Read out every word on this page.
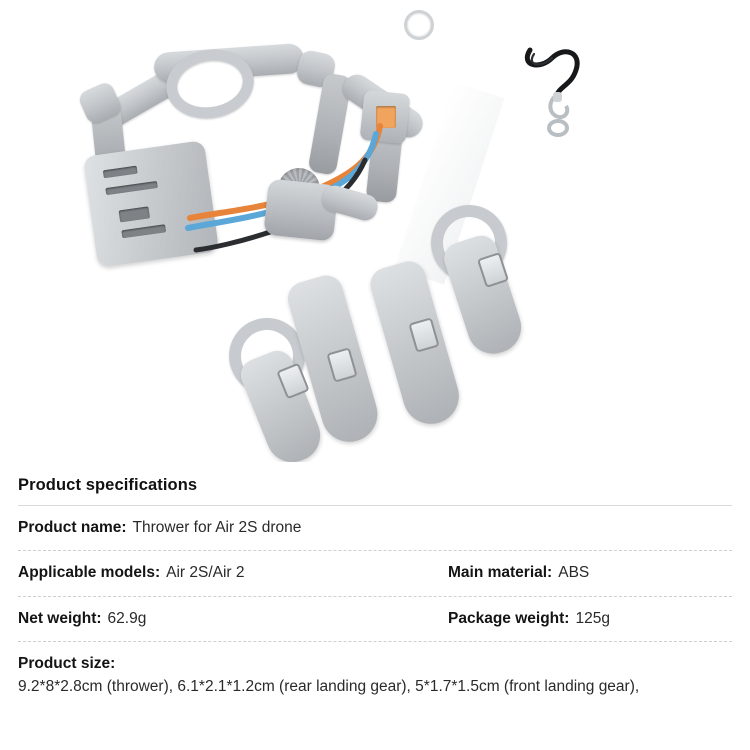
Product specifications
Product name: Thrower for Air 2S drone
Applicable models: Air 2S/Air 2	Main material: ABS
Net weight: 62.9g	Package weight: 125g
Product size:
9.2*8*2.8cm (thrower), 6.1*2.1*1.2cm (rear landing gear), 5*1.7*1.5cm (front landing gear),
